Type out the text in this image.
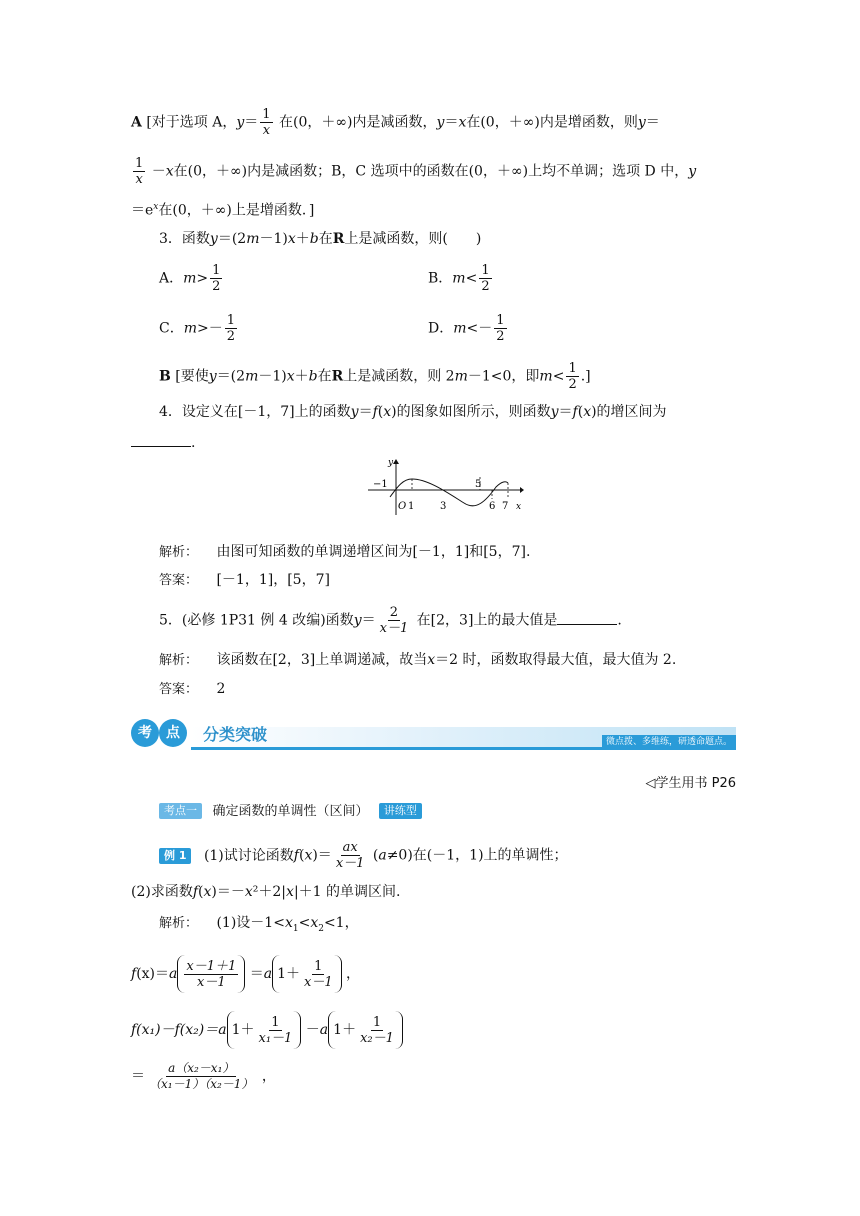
A [对于选项 A，$y= \frac{1}{x}$ 在(0，＋∞)内是减函数，y＝x在(0，＋∞)内是增函数，则y＝
$\frac{1}{x} -x$在(0，＋∞)内是减函数；B，C 选项中的函数在(0，＋∞)上均不单调；选项 D 中，y
$=e^x$在(0，＋∞)上是增函数．]
3．函数y＝(2m－1)x＋b在R上是减函数，则(　　)
A．$m> \frac{1}{2}$	B．$m< \frac{1}{2}$
C．$m>- \frac{1}{2}$	D．$m<- \frac{1}{2}$
B [要使y＝(2m－1)x＋b在R上是减函数，则 2m－1<0，即$m< \frac{1}{2}$ .]
4．设定义在[－1，7]上的函数y＝f(x)的图象如图所示，则函数y＝f(x)的增区间为
.
y
x
−1
O 1	3
5
6 7
解析： 由图可知函数的单调递增区间为[－1，1]和[5，7].
答案： [－1，1]，[5，7]
5．(必修 1P31 例 4 改编)函数$y= \frac{2}{x-1}$ 在[2，3]上的最大值是	.
解析： 该函数在[2，3]上单调递减，故当x＝2 时，函数取得最大值，最大值为 2.
答案： 2
考	点	分类突破	微点拨、多维练，研透命题点。
◁学生用书 P26
考点一 确定函数的单调性（区间） 讲练型
例 1 (1)试讨论函数$f(x)= \frac{ax}{x-1} (a\ne 0)$在(－1，1)上的单调性；
(2)求函数f(x)＝－x²＋2|x|＋1 的单调区间.
解析： (1)设$-1<x_1<x_2<1$，
$f(x)=a \frac{x-1+1}{x-1} =a$ $1+ \frac{1}{x-1}$ ，
f(x₁)－f(x₂)＝a $1+ \frac{1}{\text{x₁－1}} -a$ $1+ \frac{1}{\text{x₂－1}}$
＝ $\frac{\text{a（x₂－x₁）}}{\text{（x₁－1）（x₂－1）}}$ ，
